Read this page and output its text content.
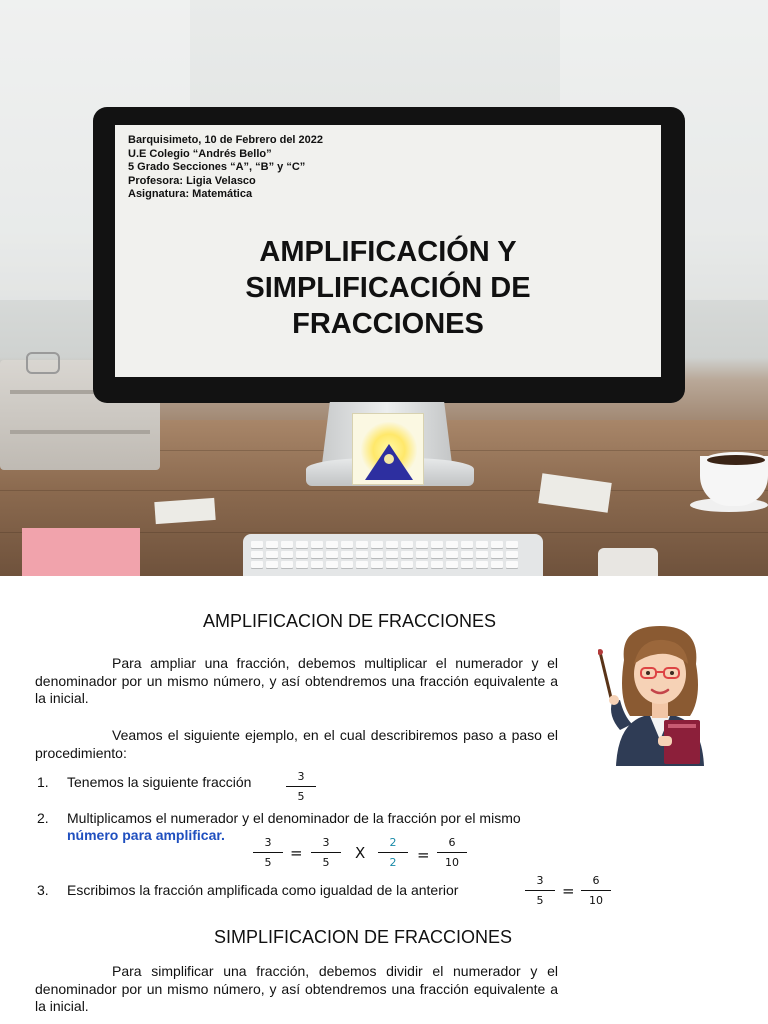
Barquisimeto, 10 de Febrero del 2022
U.E Colegio “Andrés Bello”
5 Grado Secciones “A”, “B” y “C”
Profesora: Ligia Velasco
Asignatura: Matemática
AMPLIFICACIÓN Y
SIMPLIFICACIÓN DE
FRACCIONES
AMPLIFICACION DE FRACCIONES
Para ampliar una fracción, debemos multiplicar el numerador y el denominador por un mismo número, y así obtendremos una fracción equivalente a la inicial.
Veamos el siguiente ejemplo, en el cual describiremos paso a paso el procedimiento:
1. Tenemos la siguiente fracción	3
5
2. Multiplicamos el numerador y el denominador de la fracción por el mismo
número para amplificar.	3
5
=
3
5
X
2
2	=
6
10
3. Escribimos la fracción amplificada como igualdad de la anterior
3
5
=
6
10
SIMPLIFICACION DE FRACCIONES
Para simplificar una fracción, debemos dividir el numerador y el denominador por un mismo número, y así obtendremos una fracción equivalente a la inicial.
